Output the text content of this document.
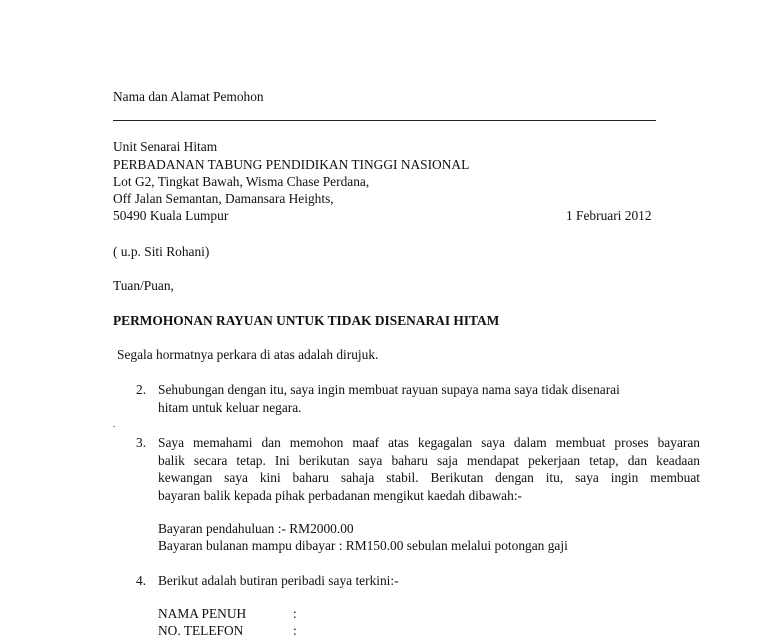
Nama dan Alamat Pemohon
Unit Senarai Hitam
PERBADANAN TABUNG PENDIDIKAN TINGGI NASIONAL
Lot G2, Tingkat Bawah, Wisma Chase Perdana,
Off Jalan Semantan, Damansara Heights,
50490 Kuala Lumpur	1 Februari 2012
( u.p. Siti Rohani)
Tuan/Puan,
PERMOHONAN RAYUAN UNTUK TIDAK DISENARAI HITAM
Segala hormatnya perkara di atas adalah dirujuk.
2. Sehubungan dengan itu, saya ingin membuat rayuan supaya nama saya tidak disenarai
hitam untuk keluar negara.
.
3. Saya memahami dan memohon maaf atas kegagalan saya dalam membuat proses bayaran
balik secara tetap. Ini berikutan saya baharu saja mendapat pekerjaan tetap, dan keadaan
kewangan saya kini baharu sahaja stabil. Berikutan dengan itu, saya ingin membuat
bayaran balik kepada pihak perbadanan mengikut kaedah dibawah:-
Bayaran pendahuluan :- RM2000.00
Bayaran bulanan mampu dibayar : RM150.00 sebulan melalui potongan gaji
4. Berikut adalah butiran peribadi saya terkini:-
NAMA PENUH	:
NO. TELEFON	:
